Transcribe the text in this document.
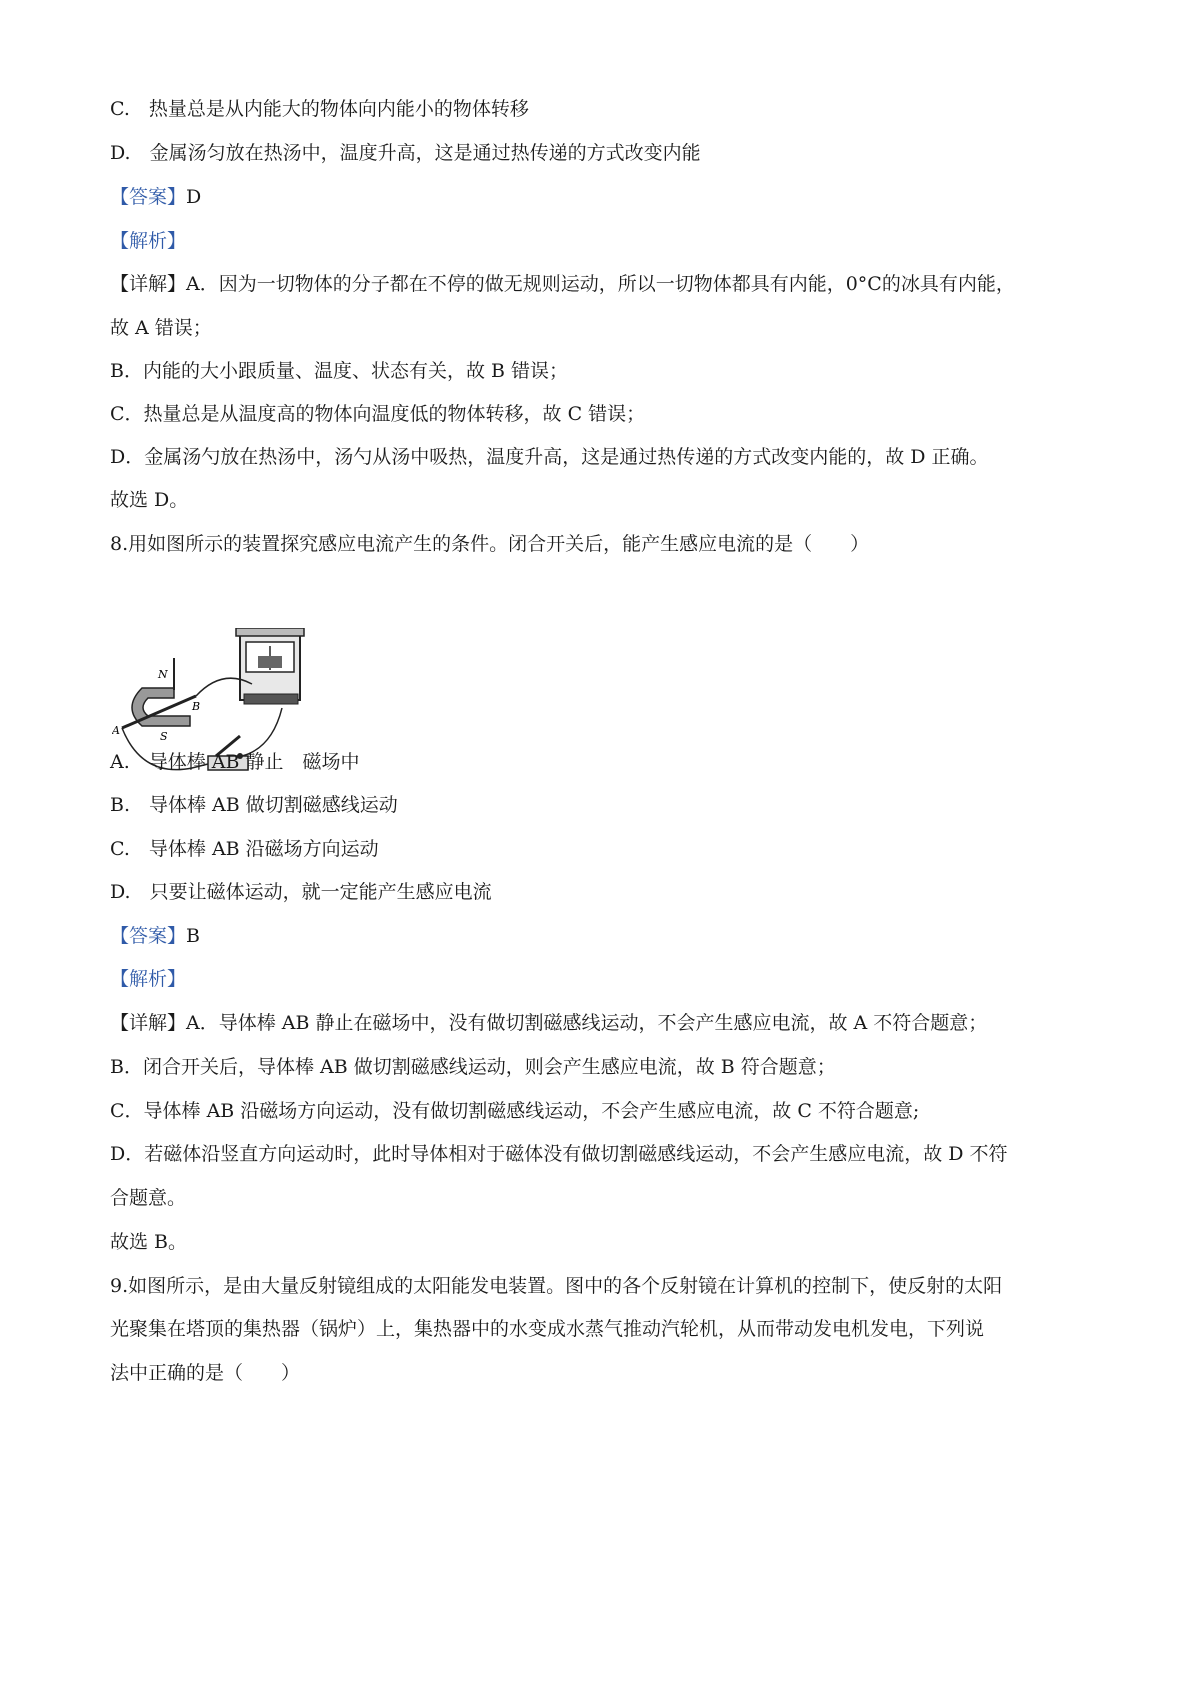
C.　热量总是从内能大的物体向内能小的物体转移
D.　金属汤匀放在热汤中，温度升高，这是通过热传递的方式改变内能
【答案】D
【解析】
【详解】A．因为一切物体的分子都在不停的做无规则运动，所以一切物体都具有内能，0°C的冰具有内能，
故 A 错误；
B．内能的大小跟质量、温度、状态有关，故 B 错误；
C．热量总是从温度高的物体向温度低的物体转移，故 C 错误；
D．金属汤勺放在热汤中，汤勺从汤中吸热，温度升高，这是通过热传递的方式改变内能的，故 D 正确。
故选 D。
8.用如图所示的装置探究感应电流产生的条件。闭合开关后，能产生感应电流的是（　　）
N
S
A
B
A.　导体棒 AB 静止　磁场中
B.　导体棒 AB 做切割磁感线运动
C.　导体棒 AB 沿磁场方向运动
D.　只要让磁体运动，就一定能产生感应电流
【答案】B
【解析】
【详解】A．导体棒 AB 静止在磁场中，没有做切割磁感线运动，不会产生感应电流，故 A 不符合题意；
B．闭合开关后，导体棒 AB 做切割磁感线运动，则会产生感应电流，故 B 符合题意；
C．导体棒 AB 沿磁场方向运动，没有做切割磁感线运动，不会产生感应电流，故 C 不符合题意;
D．若磁体沿竖直方向运动时，此时导体相对于磁体没有做切割磁感线运动，不会产生感应电流，故 D 不符
合题意。
故选 B。
9.如图所示，是由大量反射镜组成的太阳能发电装置。图中的各个反射镜在计算机的控制下，使反射的太阳
光聚集在塔顶的集热器（锅炉）上，集热器中的水变成水蒸气推动汽轮机，从而带动发电机发电，下列说
法中正确的是（　　）
